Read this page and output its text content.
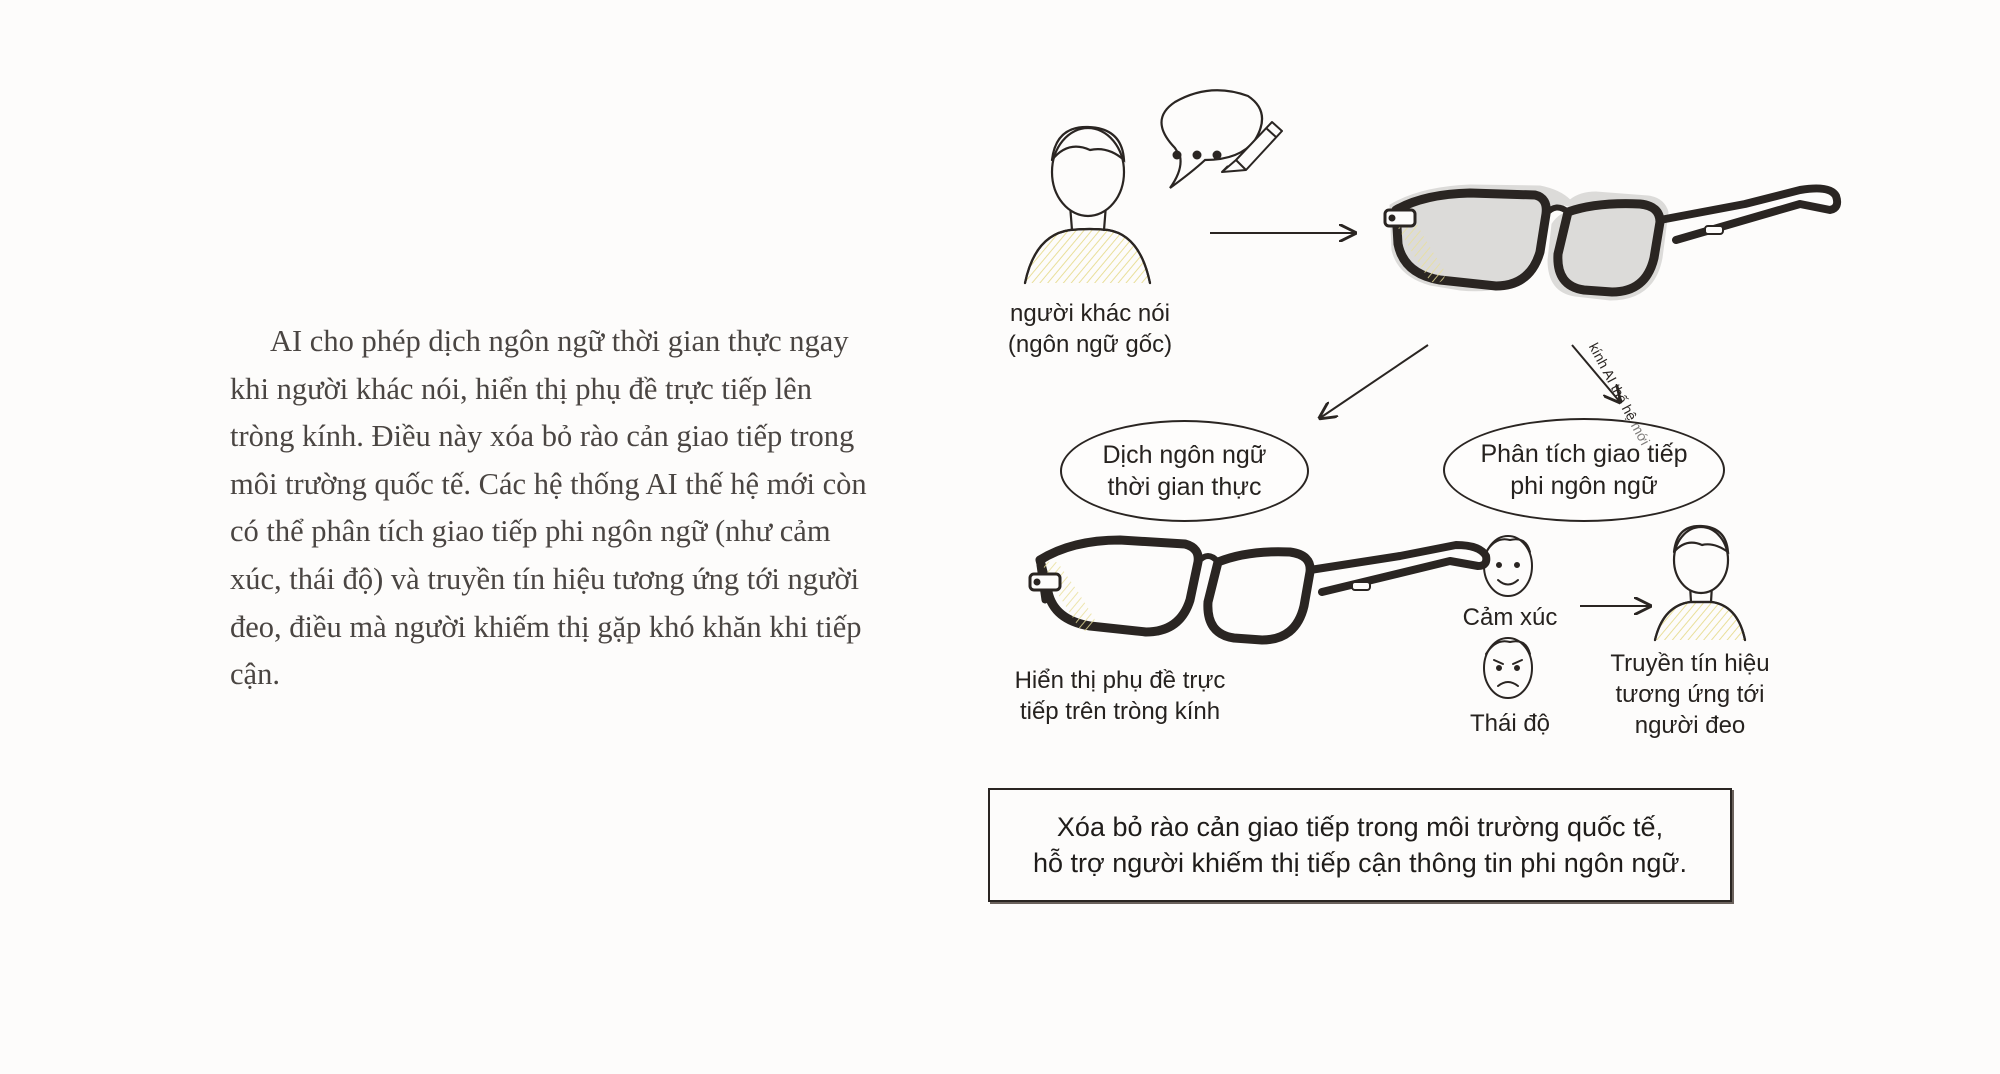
AI cho phép dịch ngôn ngữ thời gian thực ngay khi người khác nói, hiển thị phụ đề trực tiếp lên tròng kính. Điều này xóa bỏ rào cản giao tiếp trong môi trường quốc tế. Các hệ thống AI thế hệ mới còn có thể phân tích giao tiếp phi ngôn ngữ (như cảm xúc, thái độ) và truyền tín hiệu tương ứng tới người đeo, điều mà người khiếm thị gặp khó khăn khi tiếp cận.

người khác nói
(ngôn ngữ gốc)	kính AI thế hệ mới
Dịch ngôn ngữ
thời gian thực
Phân tích giao tiếp
phi ngôn ngữ
Hiển thị phụ đề trực
tiếp trên tròng kính
Cảm xúc
Thái độ
Truyền tín hiệu
tương ứng tới
người đeo
Xóa bỏ rào cản giao tiếp trong môi trường quốc tế,
hỗ trợ người khiếm thị tiếp cận thông tin phi ngôn ngữ.
